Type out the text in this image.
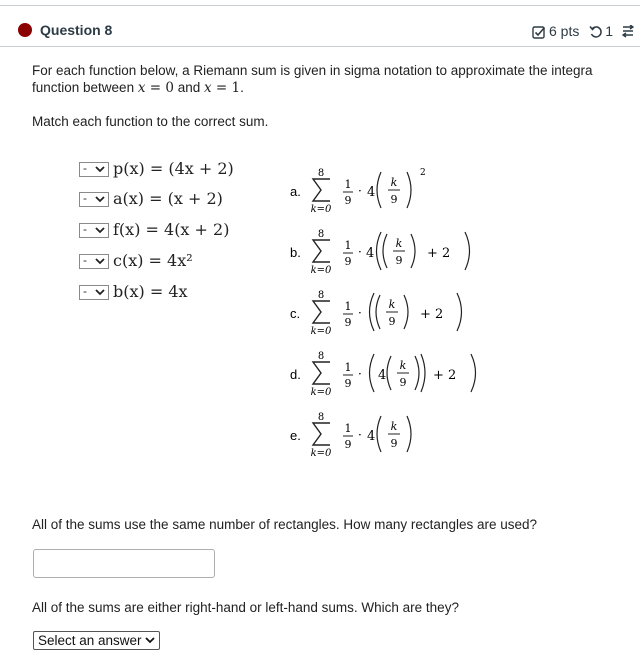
Question 8	6 pts 1
For each function below, a Riemann sum is given in sigma notation to approximate the integra
function between x = 0 and x = 1.
Match each function to the correct sum.
- p(x) = (4x + 2)
- a(x) = (x + 2)
- f(x) = 4(x + 2)
- c(x) = 4x²
- b(x) = 4x
a.
8
k=0
1
9
· 4
k
9
2
b.
8
k=0
1
9
· 4
k
9 + 2
c.
8
k=0
1
9
·
k
9 + 2
d.
8
k=0
1
9
· 4
k
9 + 2
e.
8
k=0
1
9
· 4
k
9
All of the sums use the same number of rectangles. How many rectangles are used?
All of the sums are either right-hand or left-hand sums. Which are they?
Select an answer
